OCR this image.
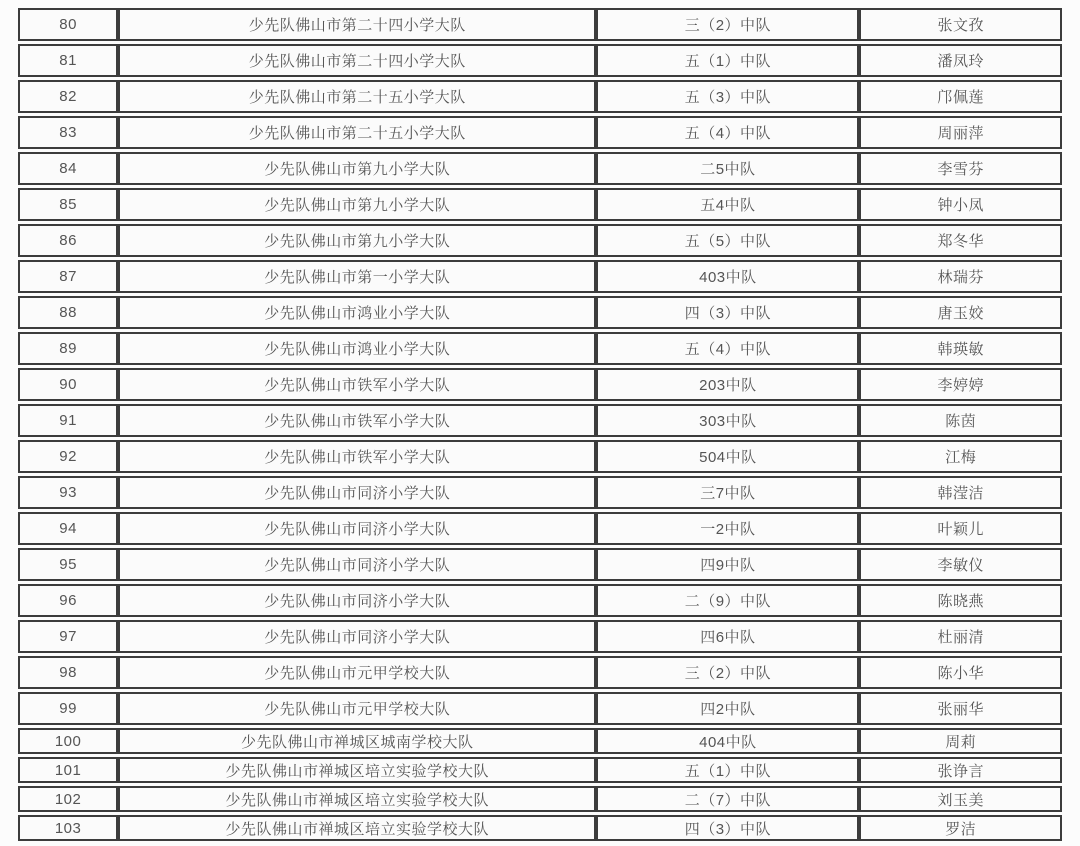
80	少先队佛山市第二十四小学大队	三（2）中队	张文孜
81	少先队佛山市第二十四小学大队	五（1）中队	潘凤玲
82	少先队佛山市第二十五小学大队	五（3）中队	邝佩莲
83	少先队佛山市第二十五小学大队	五（4）中队	周丽萍
84	少先队佛山市第九小学大队	二5中队	李雪芬
85	少先队佛山市第九小学大队	五4中队	钟小凤
86	少先队佛山市第九小学大队	五（5）中队	郑冬华
87	少先队佛山市第一小学大队	403中队	林瑞芬
88	少先队佛山市鸿业小学大队	四（3）中队	唐玉姣
89	少先队佛山市鸿业小学大队	五（4）中队	韩瑛敏
90	少先队佛山市铁军小学大队	203中队	李婷婷
91	少先队佛山市铁军小学大队	303中队	陈茵
92	少先队佛山市铁军小学大队	504中队	江梅
93	少先队佛山市同济小学大队	三7中队	韩滢洁
94	少先队佛山市同济小学大队	一2中队	叶颖儿
95	少先队佛山市同济小学大队	四9中队	李敏仪
96	少先队佛山市同济小学大队	二（9）中队	陈晓燕
97	少先队佛山市同济小学大队	四6中队	杜丽清
98	少先队佛山市元甲学校大队	三（2）中队	陈小华
99	少先队佛山市元甲学校大队	四2中队	张丽华
100	少先队佛山市禅城区城南学校大队	404中队	周莉
101	少先队佛山市禅城区培立实验学校大队	五（1）中队	张诤言
102	少先队佛山市禅城区培立实验学校大队	二（7）中队	刘玉美
103	少先队佛山市禅城区培立实验学校大队	四（3）中队	罗洁
